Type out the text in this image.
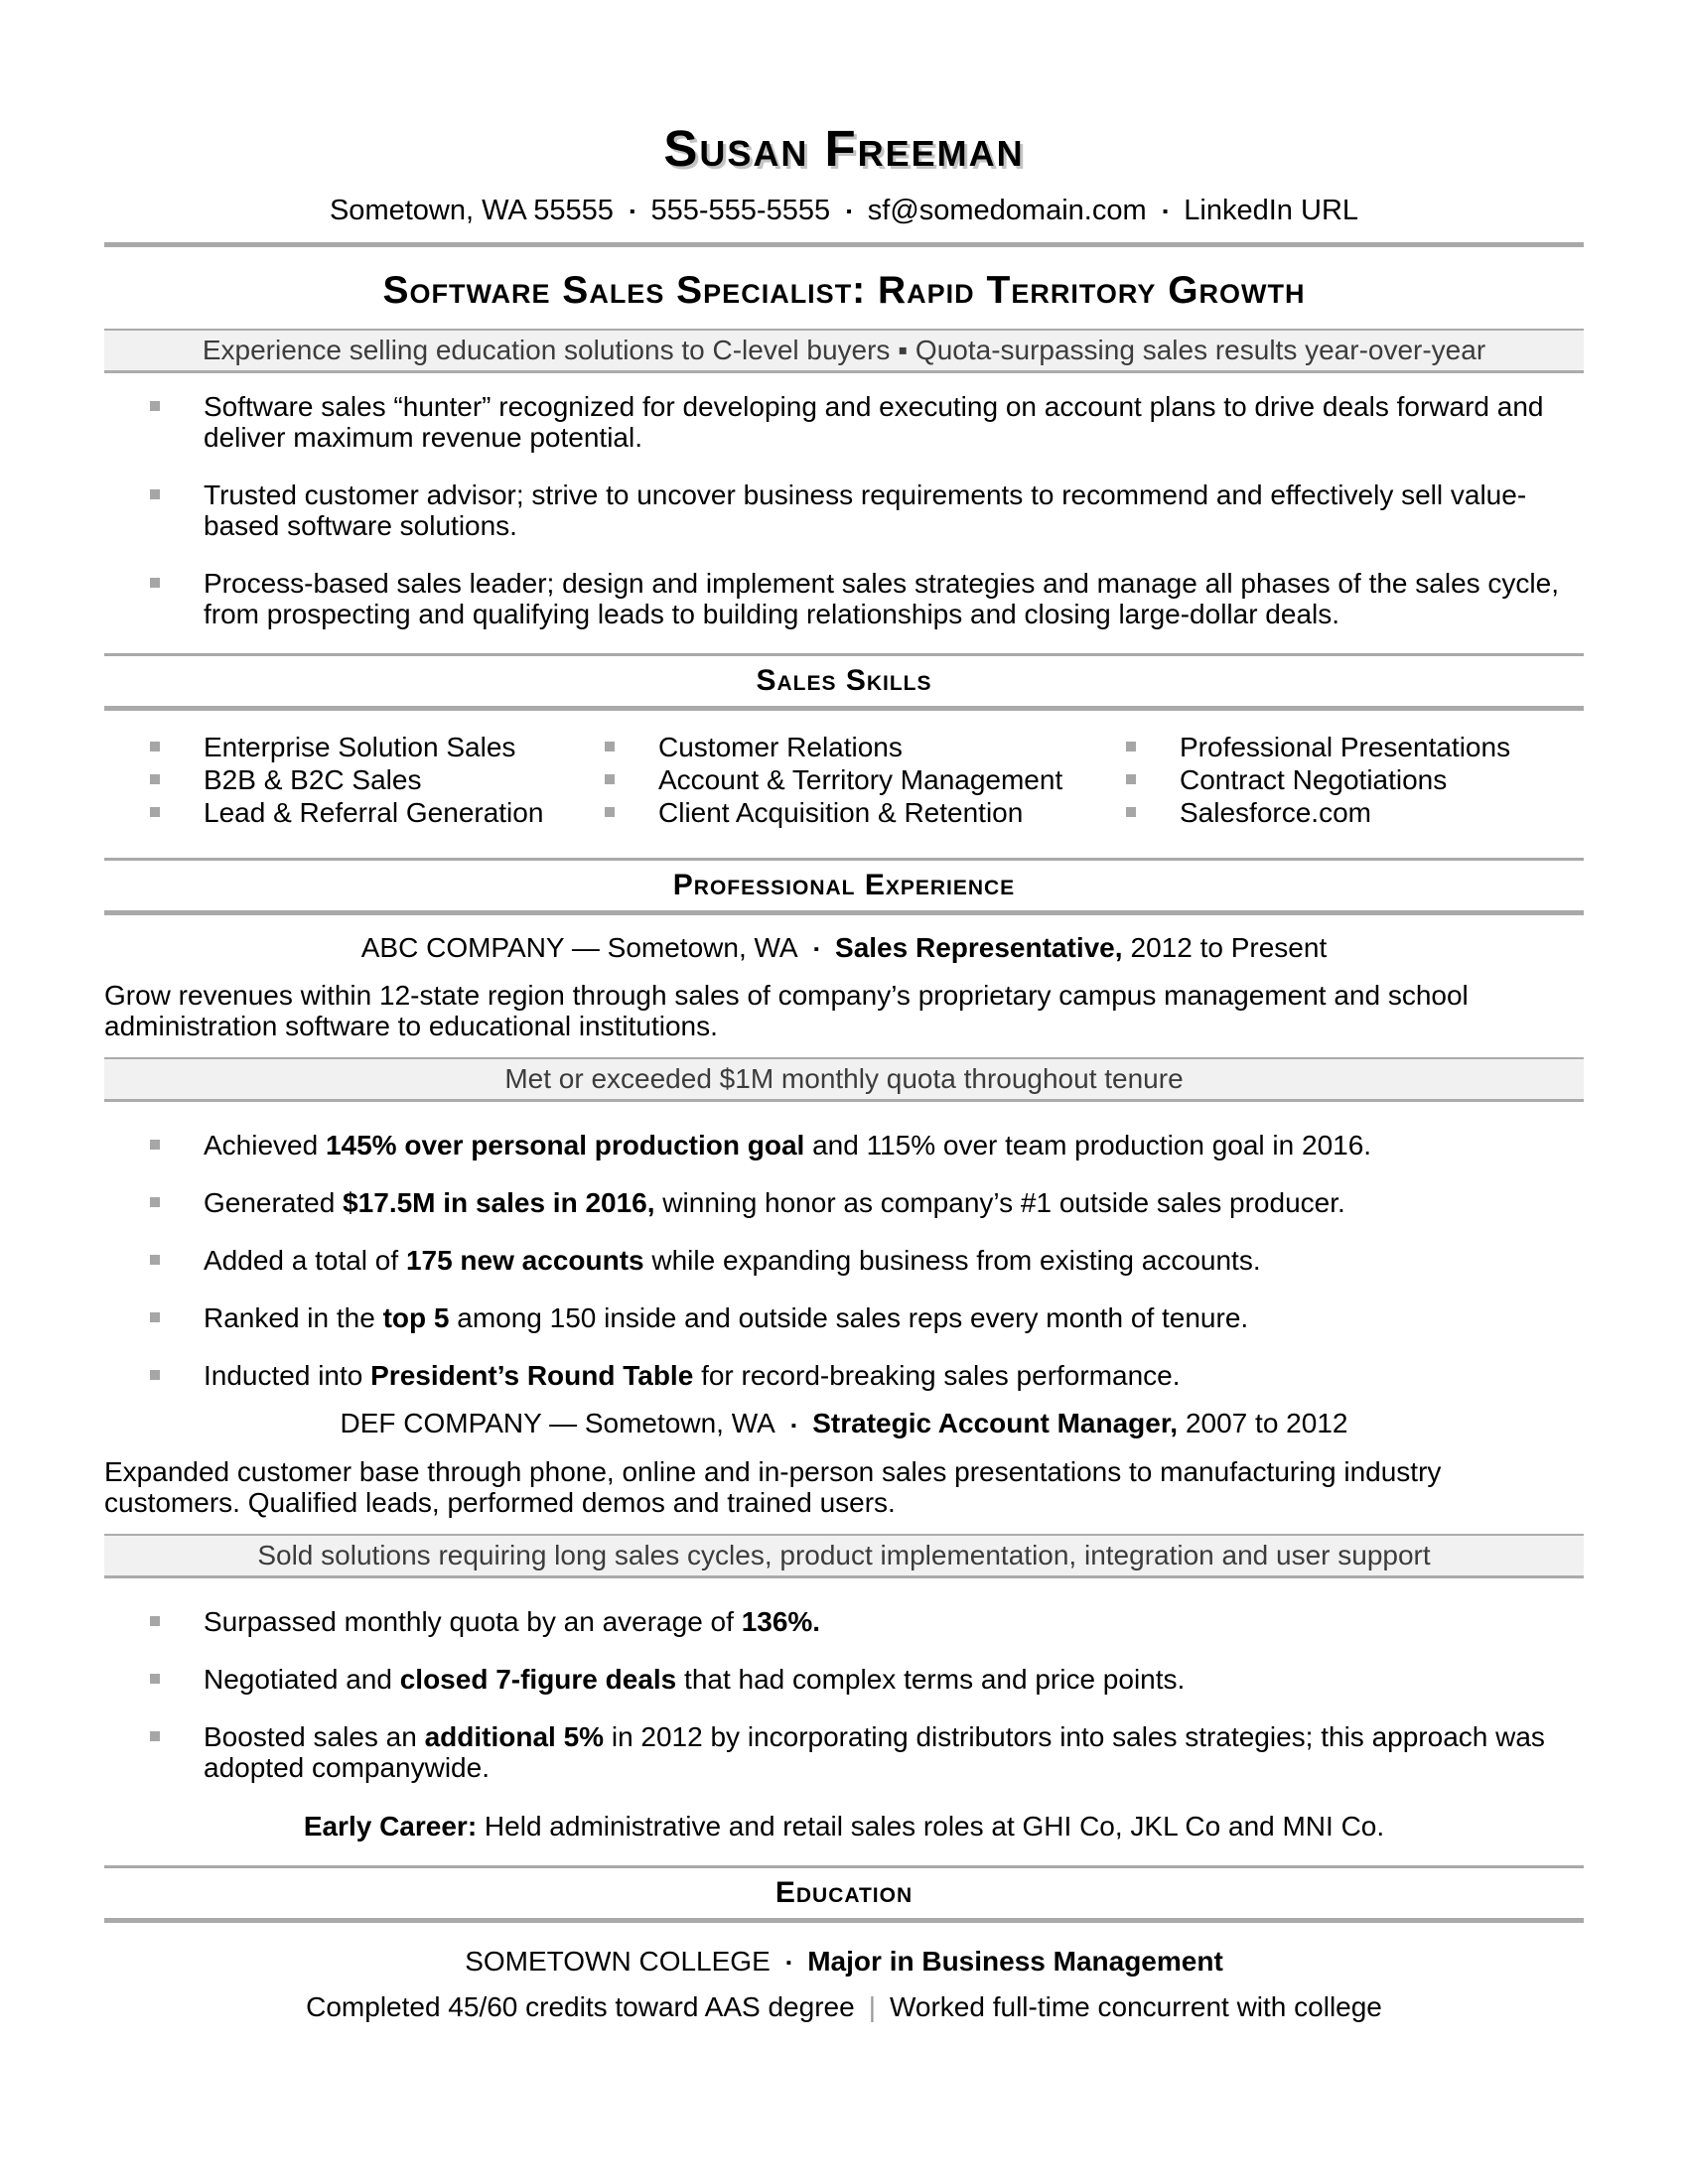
Susan Freeman
Sometown, WA 55555 ▪ 555-555-5555 ▪ sf@somedomain.com ▪ LinkedIn URL
Software Sales Specialist: Rapid Territory Growth
Experience selling education solutions to C-level buyers ▪ Quota-surpassing sales results year-over-year
Software sales “hunter” recognized for developing and executing on account plans to drive deals forward and deliver maximum revenue potential.
Trusted customer advisor; strive to uncover business requirements to recommend and effectively sell value-based software solutions.
Process-based sales leader; design and implement sales strategies and manage all phases of the sales cycle, from prospecting and qualifying leads to building relationships and closing large-dollar deals.
Sales Skills
Enterprise Solution Sales
B2B & B2C Sales
Lead & Referral Generation
Customer Relations
Account & Territory Management
Client Acquisition & Retention
Professional Presentations
Contract Negotiations
Salesforce.com
Professional Experience
ABC COMPANY — Sometown, WA ▪ Sales Representative, 2012 to Present

Grow revenues within 12-state region through sales of company’s proprietary campus management and school administration software to educational institutions.

Met or exceeded $1M monthly quota throughout tenure
Achieved 145% over personal production goal and 115% over team production goal in 2016.
Generated $17.5M in sales in 2016, winning honor as company’s #1 outside sales producer.
Added a total of 175 new accounts while expanding business from existing accounts.
Ranked in the top 5 among 150 inside and outside sales reps every month of tenure.
Inducted into President’s Round Table for record-breaking sales performance.
DEF COMPANY — Sometown, WA ▪ Strategic Account Manager, 2007 to 2012

Expanded customer base through phone, online and in-person sales presentations to manufacturing industry customers. Qualified leads, performed demos and trained users.

Sold solutions requiring long sales cycles, product implementation, integration and user support
Surpassed monthly quota by an average of 136%.
Negotiated and closed 7-figure deals that had complex terms and price points.
Boosted sales an additional 5% in 2012 by incorporating distributors into sales strategies; this approach was adopted companywide.

Early Career: Held administrative and retail sales roles at GHI Co, JKL Co and MNI Co.

Education

SOMETOWN COLLEGE ▪ Major in Business Management

Completed 45/60 credits toward AAS degree | Worked full-time concurrent with college
